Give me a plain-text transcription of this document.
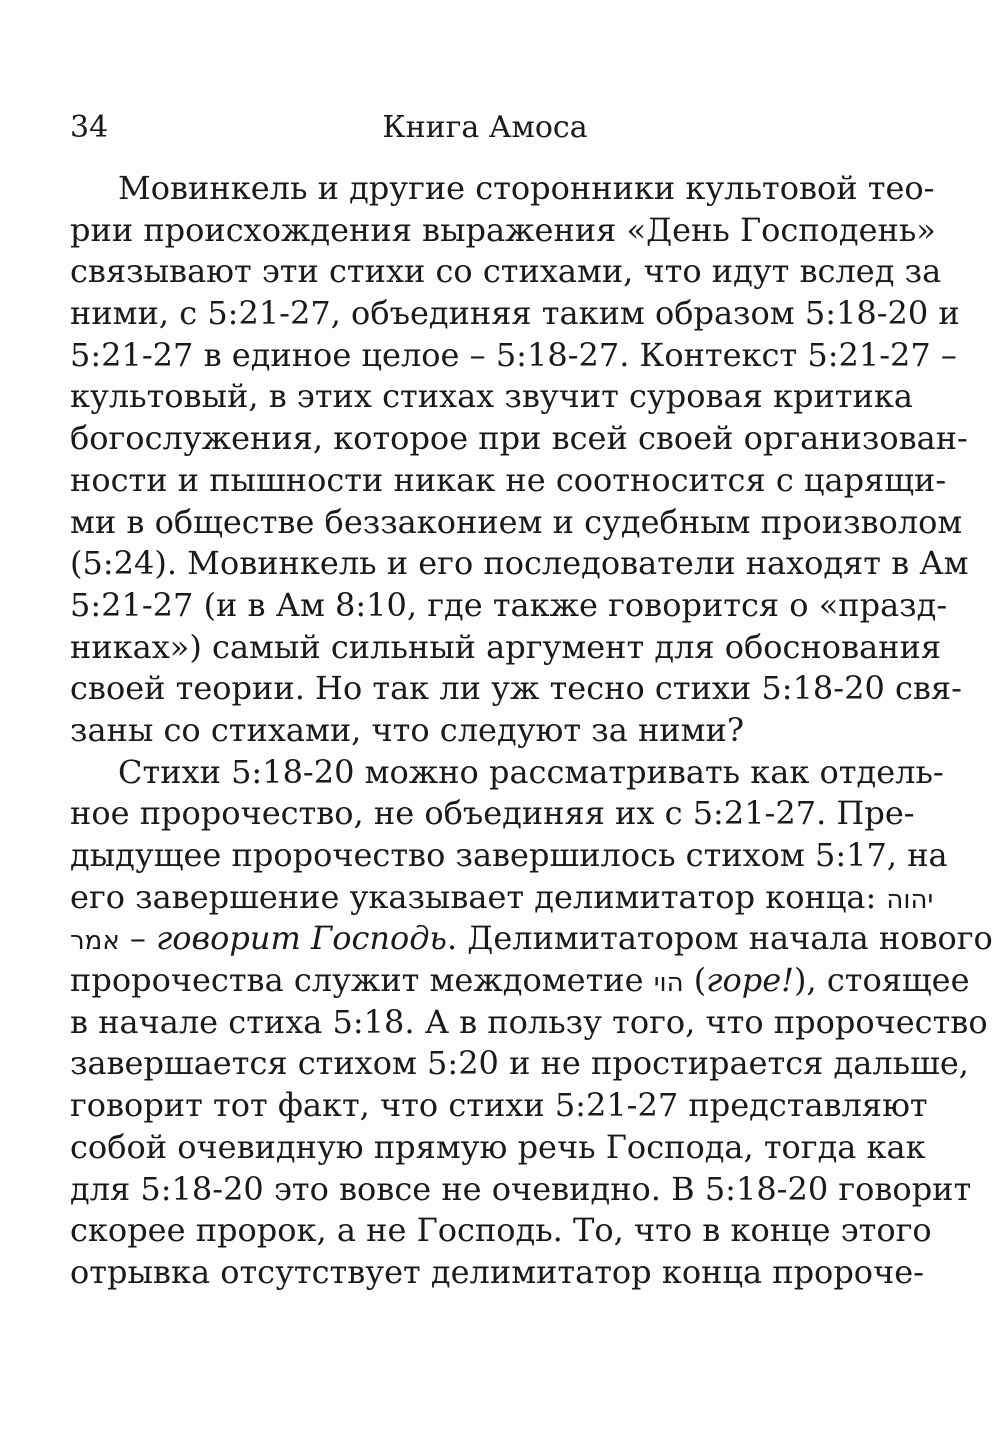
34	Книга Амоса
Мовинкель и другие сторонники культовой тео-
рии происхождения выражения «День Господень»
связывают эти стихи со стихами, что идут вслед за
ними, с 5:21-27, объединяя таким образом 5:18-20 и
5:21-27 в единое целое – 5:18-27. Контекст 5:21-27 –
культовый, в этих стихах звучит суровая критика
богослужения, которое при всей своей организован-
ности и пышности никак не соотносится с царящи-
ми в обществе беззаконием и судебным произволом
(5:24). Мовинкель и его последователи находят в Ам
5:21-27 (и в Ам 8:10, где также говорится о «празд-
никах») самый сильный аргумент для обоснования
своей теории. Но так ли уж тесно стихи 5:18-20 свя-
заны со стихами, что следуют за ними?
Стихи 5:18-20 можно рассматривать как отдель-
ное пророчество, не объединяя их с 5:21-27. Пре-
дыдущее пророчество завершилось стихом 5:17, на
его завершение указывает делимитатор конца: יהוה
אמר – говорит Господь. Делимитатором начала нового
пророчества служит междометие הוי (горе!), стоящее
в начале стиха 5:18. А в пользу того, что пророчество
завершается стихом 5:20 и не простирается дальше,
говорит тот факт, что стихи 5:21-27 представляют
собой очевидную прямую речь Господа, тогда как
для 5:18-20 это вовсе не очевидно. В 5:18-20 говорит
скорее пророк, а не Господь. То, что в конце этого
отрывка отсутствует делимитатор конца пророче-
